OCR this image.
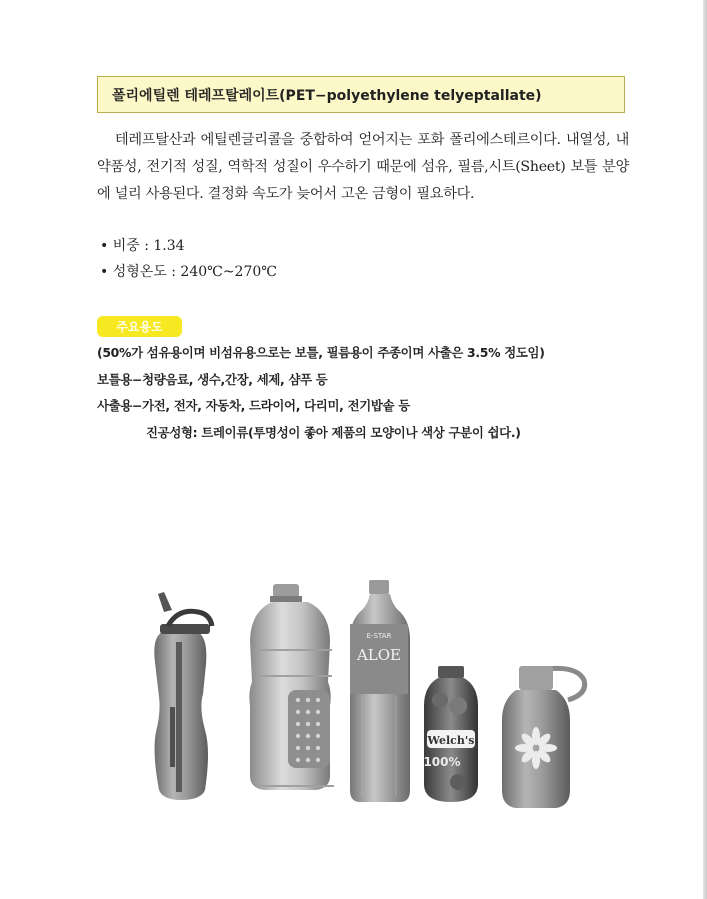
폴리에틸렌 테레프탈레이트(PET−polyethylene telyeptallate)

테레프탈산과 에틸렌글리콜을 중합하여 얻어지는 포화 폴리에스테르이다. 내열성, 내약품성, 전기적 성질, 역학적 성질이 우수하기 때문에 섬유, 필름,시트(Sheet) 보틀 분양에 널리 사용된다. 결정화 속도가 늦어서 고온 금형이 필요하다.

• 비중 : 1.34
• 성형온도 : 240℃~270℃
주요용도

(50%가 섬유용이며 비섬유용으로는 보틀, 필름용이 주종이며 사출은 3.5% 정도임)

보틀용−청량음료, 생수,간장, 세제, 샴푸 등

사출용−가전, 전자, 자동차, 드라이어, 다리미, 전기밥솥 등

진공성형: 트레이류(투명성이 좋아 제품의 모양이나 색상 구분이 쉽다.)

E-STAR
ALOE
Welch's
100%
